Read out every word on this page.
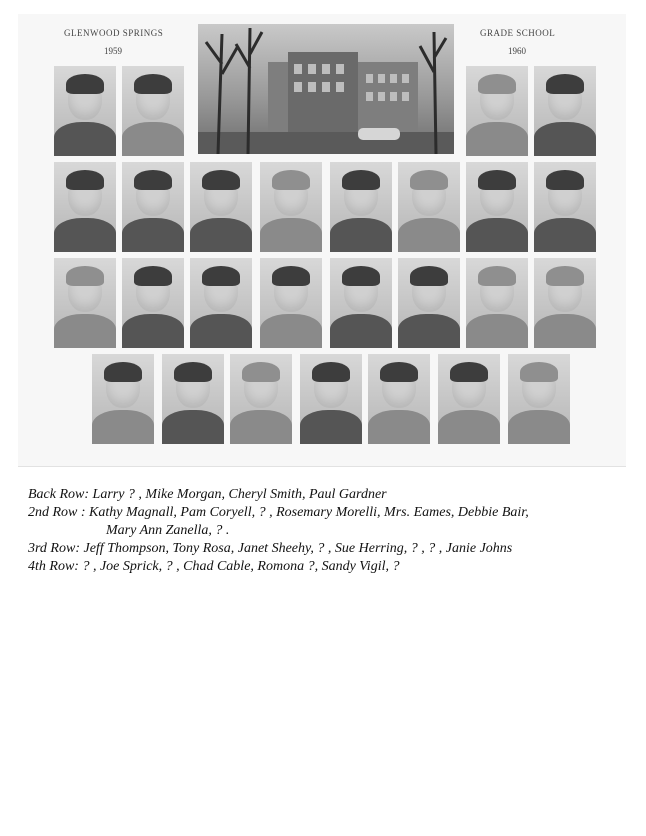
GLENWOOD SPRINGS
1959
GRADE SCHOOL
1960
Back Row: Larry ? , Mike Morgan, Cheryl Smith, Paul Gardner
2nd Row : Kathy Magnall, Pam Coryell, ? , Rosemary Morelli, Mrs. Eames, Debbie Bair,
Mary Ann Zanella, ? .
3rd Row: Jeff Thompson, Tony Rosa, Janet Sheehy, ? , Sue Herring, ? , ? , Janie Johns
4th Row: ? , Joe Sprick, ? , Chad Cable, Romona ?, Sandy Vigil, ?
